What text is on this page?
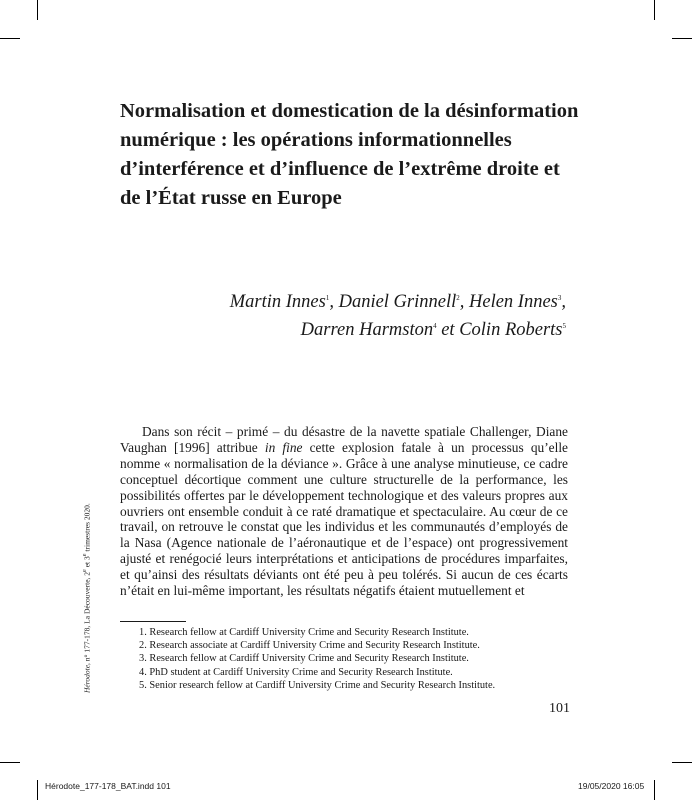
Normalisation et domestication de la désinformation numérique : les opérations informationnelles d’interférence et d’influence de l’extrême droite et de l’État russe en Europe
Martin Innes$^1$, Daniel Grinnell$^2$, Helen Innes$^3$,
Darren Harmston$^4$ et Colin Roberts$^5$
Hérodote, n° 177-178, La Découverte, 2e et 3e trimestres 2020.

Dans son récit – primé – du désastre de la navette spatiale Challenger, Diane Vaughan [1996] attribue in fine cette explosion fatale à un processus qu’elle nomme « normalisation de la déviance ». Grâce à une analyse minutieuse, ce cadre conceptuel décortique comment une culture structurelle de la performance, les possibilités offertes par le développement technologique et des valeurs propres aux ouvriers ont ensemble conduit à ce raté dramatique et spectaculaire. Au cœur de ce travail, on retrouve le constat que les individus et les communautés d’employés de la Nasa (Agence nationale de l’aéronautique et de l’espace) ont progressivement ajusté et renégocié leurs interprétations et anticipations de procédures imparfaites, et qu’ainsi des résultats déviants ont été peu à peu tolérés. Si aucun de ces écarts n’était en lui-même important, les résultats négatifs étaient mutuellement et

1. Research fellow at Cardiff University Crime and Security Research Institute.
2. Research associate at Cardiff University Crime and Security Research Institute.
3. Research fellow at Cardiff University Crime and Security Research Institute.
4. PhD student at Cardiff University Crime and Security Research Institute.
5. Senior research fellow at Cardiff University Crime and Security Research Institute.
101
Hérodote_177-178_BAT.indd 101	19/05/2020 16:05
